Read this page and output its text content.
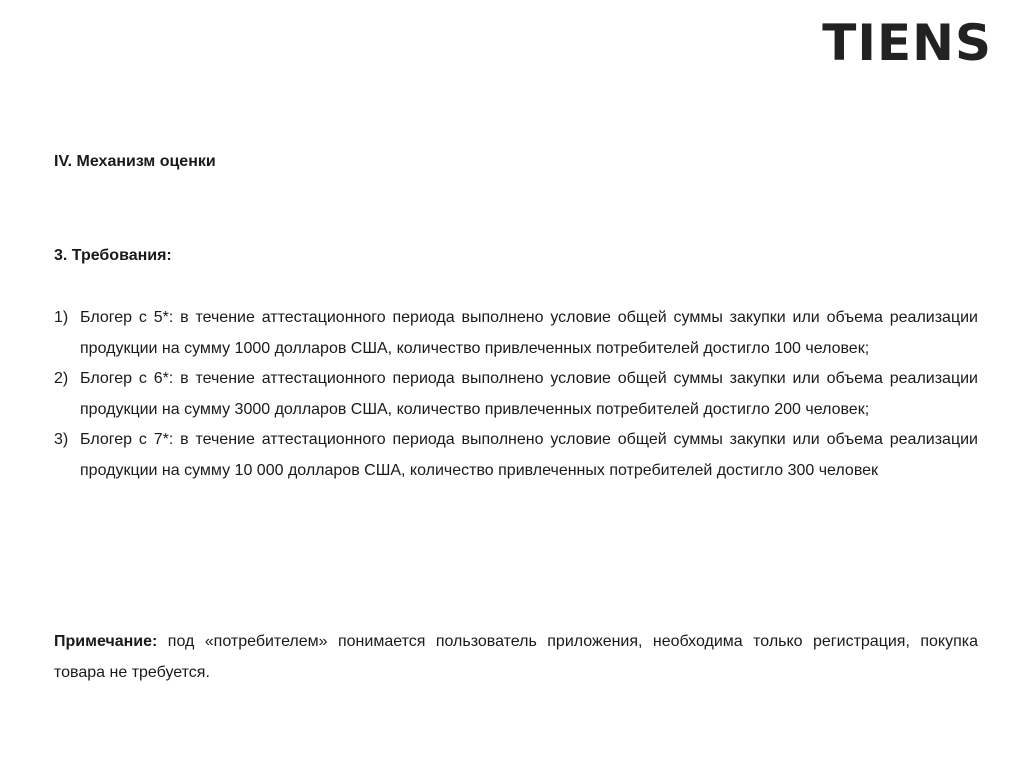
TIENS
IV. Механизм оценки
3. Требования:
1) Блогер с 5*: в течение аттестационного периода выполнено условие общей суммы закупки или объема реализации продукции на сумму 1000 долларов США, количество привлеченных потребителей достигло 100 человек;
2) Блогер с 6*: в течение аттестационного периода выполнено условие общей суммы закупки или объема реализации продукции на сумму 3000 долларов США, количество привлеченных потребителей достигло 200 человек;
3) Блогер с 7*: в течение аттестационного периода выполнено условие общей суммы закупки или объема реализации продукции на сумму 10 000 долларов США, количество привлеченных потребителей достигло 300 человек

Примечание: под «потребителем» понимается пользователь приложения, необходима только регистрация, покупка товара не требуется.
